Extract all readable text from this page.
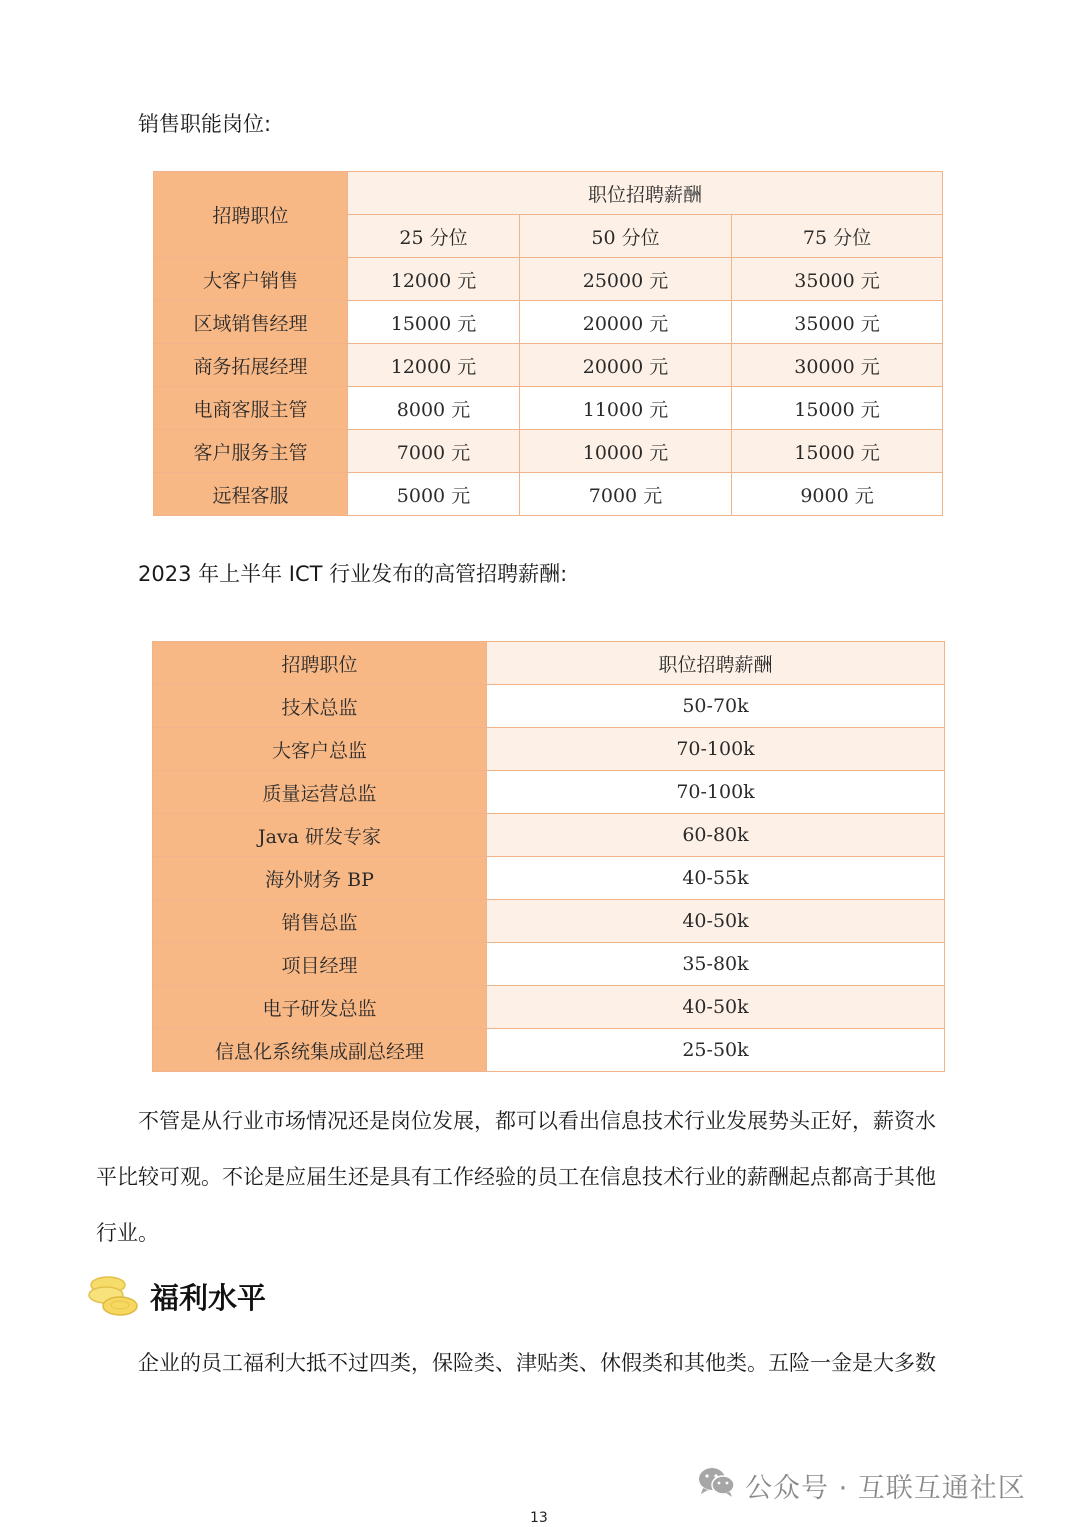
销售职能岗位:
招聘职位	职位招聘薪酬		
	25 分位	50 分位	75 分位
大客户销售	12000 元	25000 元	35000 元
区域销售经理	15000 元	20000 元	35000 元
商务拓展经理	12000 元	20000 元	30000 元
电商客服主管	8000 元	11000 元	15000 元
客户服务主管	7000 元	10000 元	15000 元
远程客服	5000 元	7000 元	9000 元
2023 年上半年 ICT 行业发布的高管招聘薪酬:
招聘职位	职位招聘薪酬
技术总监	50-70k
大客户总监	70-100k
质量运营总监	70-100k
Java 研发专家	60-80k
海外财务 BP	40-55k
销售总监	40-50k
项目经理	35-80k
电子研发总监	40-50k
信息化系统集成副总经理	25-50k
不管是从行业市场情况还是岗位发展，都可以看出信息技术行业发展势头正好，薪资水
平比较可观。不论是应届生还是具有工作经验的员工在信息技术行业的薪酬起点都高于其他
行业。
福利水平
企业的员工福利大抵不过四类，保险类、津贴类、休假类和其他类。五险一金是大多数
公众号 · 互联互通社区
13
